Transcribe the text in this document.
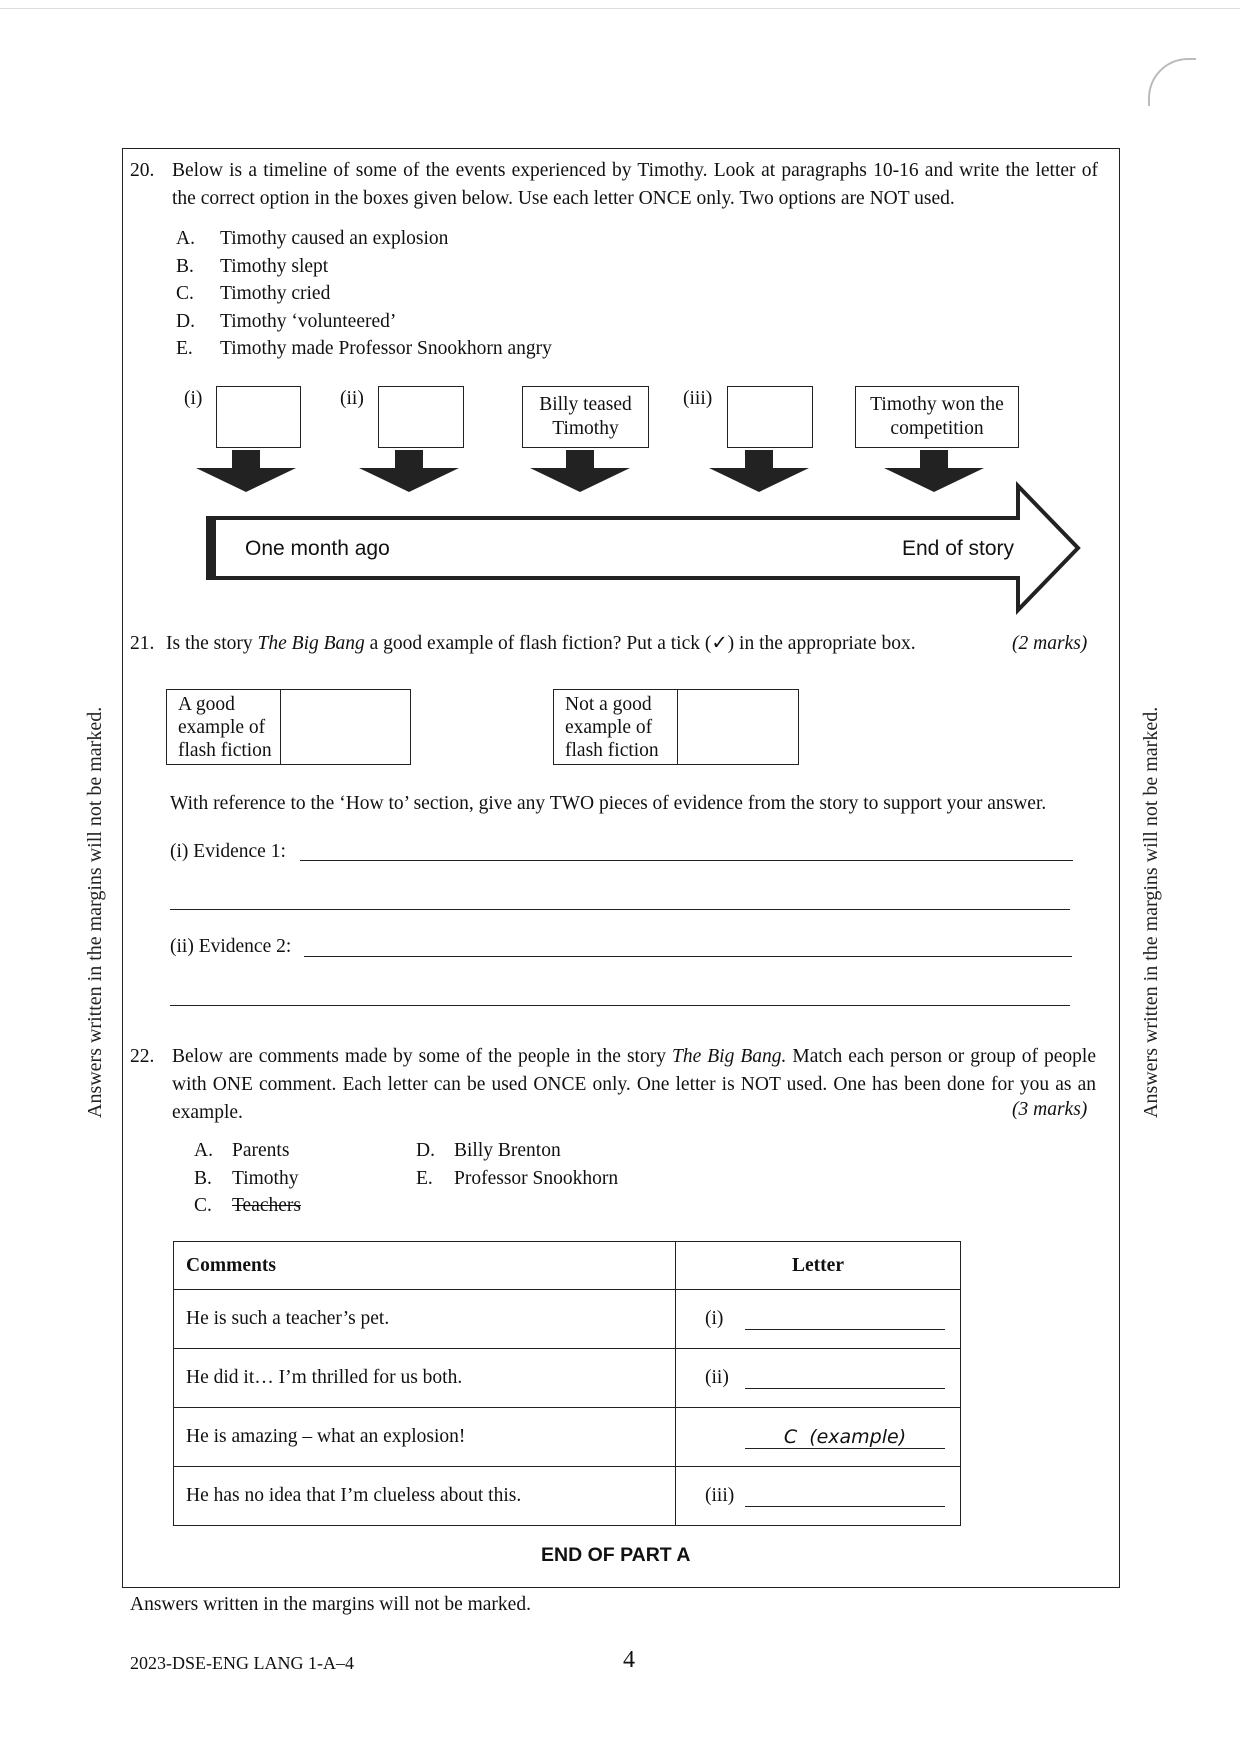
Answers written in the margins will not be marked.	Answers written in the margins will not be marked.
20. Below is a timeline of some of the events experienced by Timothy. Look at paragraphs 10-16 and write the letter of the correct option in the boxes given below. Use each letter ONCE only. Two options are NOT used.
A. Timothy caused an explosion
B. Timothy slept
C. Timothy cried
D. Timothy ‘volunteered’
E. Timothy made Professor Snookhorn angry
(i)	(ii)	Billy teased Timothy
(iii)	Timothy won the competition
One month ago	End of story
21. Is the story The Big Bang a good example of flash fiction? Put a tick (✓) in the appropriate box.	(2 marks)
A good example of flash fiction
Not a good example of flash fiction
With reference to the ‘How to’ section, give any TWO pieces of evidence from the story to support your answer.
(i) Evidence 1:
(ii) Evidence 2:
22. Below are comments made by some of the people in the story The Big Bang. Match each person or group of people with ONE comment. Each letter can be used ONCE only. One letter is NOT used. One has been done for you as an example.	(3 marks)
A. Parents
B. Timothy
C. Teachers
D. Billy Brenton
E. Professor Snookhorn
Comments	Letter
He is such a teacher’s pet.	(i)

He did it… I’m thrilled for us both.	(ii)

He is amazing – what an explosion!	C  (example)

He has no idea that I’m clueless about this.	(iii)
END OF PART A
Answers written in the margins will not be marked.
2023-DSE-ENG LANG 1-A–4	4
